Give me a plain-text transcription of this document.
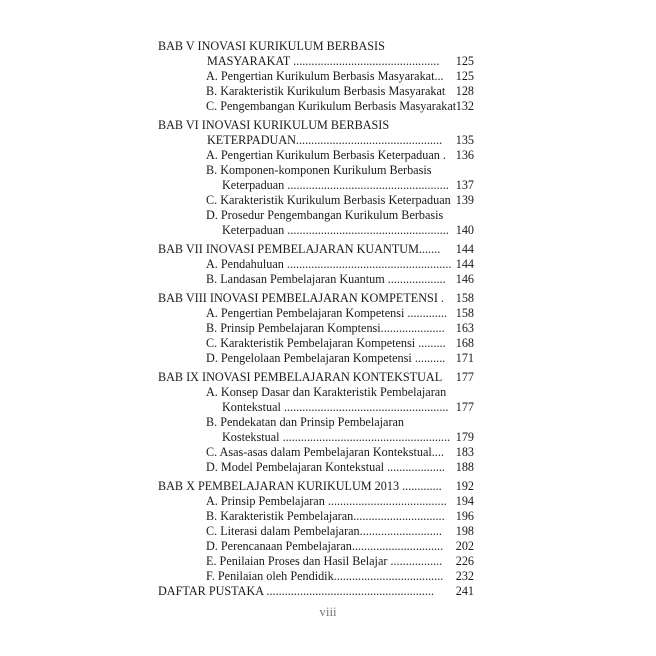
BAB V INOVASI KURIKULUM BERBASIS
MASYARAKAT ................................................ 125
A. Pengertian Kurikulum Berbasis Masyarakat... 125
B. Karakteristik Kurikulum Berbasis Masyarakat 128
C. Pengembangan Kurikulum Berbasis Masyarakat 132
BAB VI INOVASI KURIKULUM BERBASIS
KETERPADUAN................................................ 135
A. Pengertian Kurikulum Berbasis Keterpaduan . 136
B. Komponen-komponen Kurikulum Berbasis
Keterpaduan ..................................................... 137
C. Karakteristik Kurikulum Berbasis Keterpaduan 139
D. Prosedur Pengembangan Kurikulum Berbasis
Keterpaduan ..................................................... 140
BAB VII INOVASI PEMBELAJARAN KUANTUM....... 144
A. Pendahuluan ...................................................... 144
B. Landasan Pembelajaran Kuantum ................... 146
BAB VIII INOVASI PEMBELAJARAN KOMPETENSI . 158
A. Pengertian Pembelajaran Kompetensi ............. 158
B. Prinsip Pembelajaran Komptensi..................... 163
C. Karakteristik Pembelajaran Kompetensi ......... 168
D. Pengelolaan Pembelajaran Kompetensi .......... 171
BAB IX INOVASI PEMBELAJARAN KONTEKSTUAL 177
A. Konsep Dasar dan Karakteristik Pembelajaran
Kontekstual ...................................................... 177
B. Pendekatan dan Prinsip Pembelajaran
Kostekstual ....................................................... 179
C. Asas-asas dalam Pembelajaran Kontekstual.... 183
D. Model Pembelajaran Kontekstual ................... 188
BAB X PEMBELAJARAN KURIKULUM 2013 ............. 192
A. Prinsip Pembelajaran ....................................... 194
B. Karakteristik Pembelajaran.............................. 196
C. Literasi dalam Pembelajaran........................... 198
D. Perencanaan Pembelajaran.............................. 202
E. Penilaian Proses dan Hasil Belajar ................. 226
F. Penilaian oleh Pendidik.................................... 232
DAFTAR PUSTAKA ....................................................... 241
viii
